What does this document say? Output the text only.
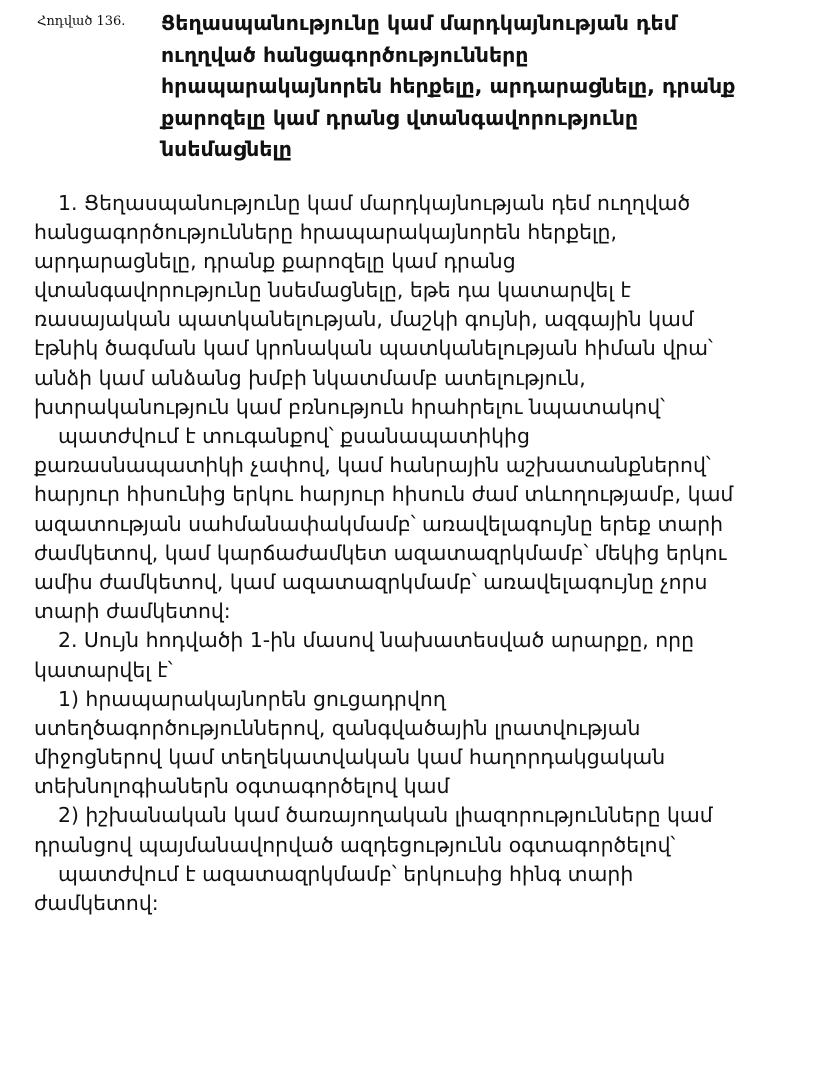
Հոդված 136.	Ցեղասպանությունը կամ մարդկայնության դեմ
ուղղված հանցագործությունները
հրապարակայնորեն հերքելը, արդարացնելը, դրանք
քարոզելը կամ դրանց վտանգավորությունը
նսեմացնելը
1. Ցեղասպանությունը կամ մարդկայնության դեմ ուղղված
հանցագործությունները հրապարակայնորեն հերքելը,
արդարացնելը, դրանք քարոզելը կամ դրանց
վտանգավորությունը նսեմացնելը, եթե դա կատարվել է
ռասայական պատկանելության, մաշկի գույնի, ազգային կամ
էթնիկ ծագման կամ կրոնական պատկանելության հիման վրա՝
անձի կամ անձանց խմբի նկատմամբ ատելություն,
խտրականություն կամ բռնություն հրահրելու նպատակով՝
պատժվում է տուգանքով՝ քսանապատիկից
քառասնապատիկի չափով, կամ հանրային աշխատանքներով՝
հարյուր հիսունից երկու հարյուր հիսուն ժամ տևողությամբ, կամ
ազատության սահմանափակմամբ՝ առավելագույնը երեք տարի
ժամկետով, կամ կարճաժամկետ ազատազրկմամբ՝ մեկից երկու
ամիս ժամկետով, կամ ազատազրկմամբ՝ առավելագույնը չորս
տարի ժամկետով:
2. Սույն հոդվածի 1-ին մասով նախատեսված արարքը, որը
կատարվել է՝
1) հրապարակայնորեն ցուցադրվող
ստեղծագործություններով, զանգվածային լրատվության
միջոցներով կամ տեղեկատվական կամ հաղորդակցական
տեխնոլոգիաներն օգտագործելով կամ
2) իշխանական կամ ծառայողական լիազորությունները կամ
դրանցով պայմանավորված ազդեցությունն օգտագործելով՝
պատժվում է ազատազրկմամբ՝ երկուսից հինգ տարի
ժամկետով:
